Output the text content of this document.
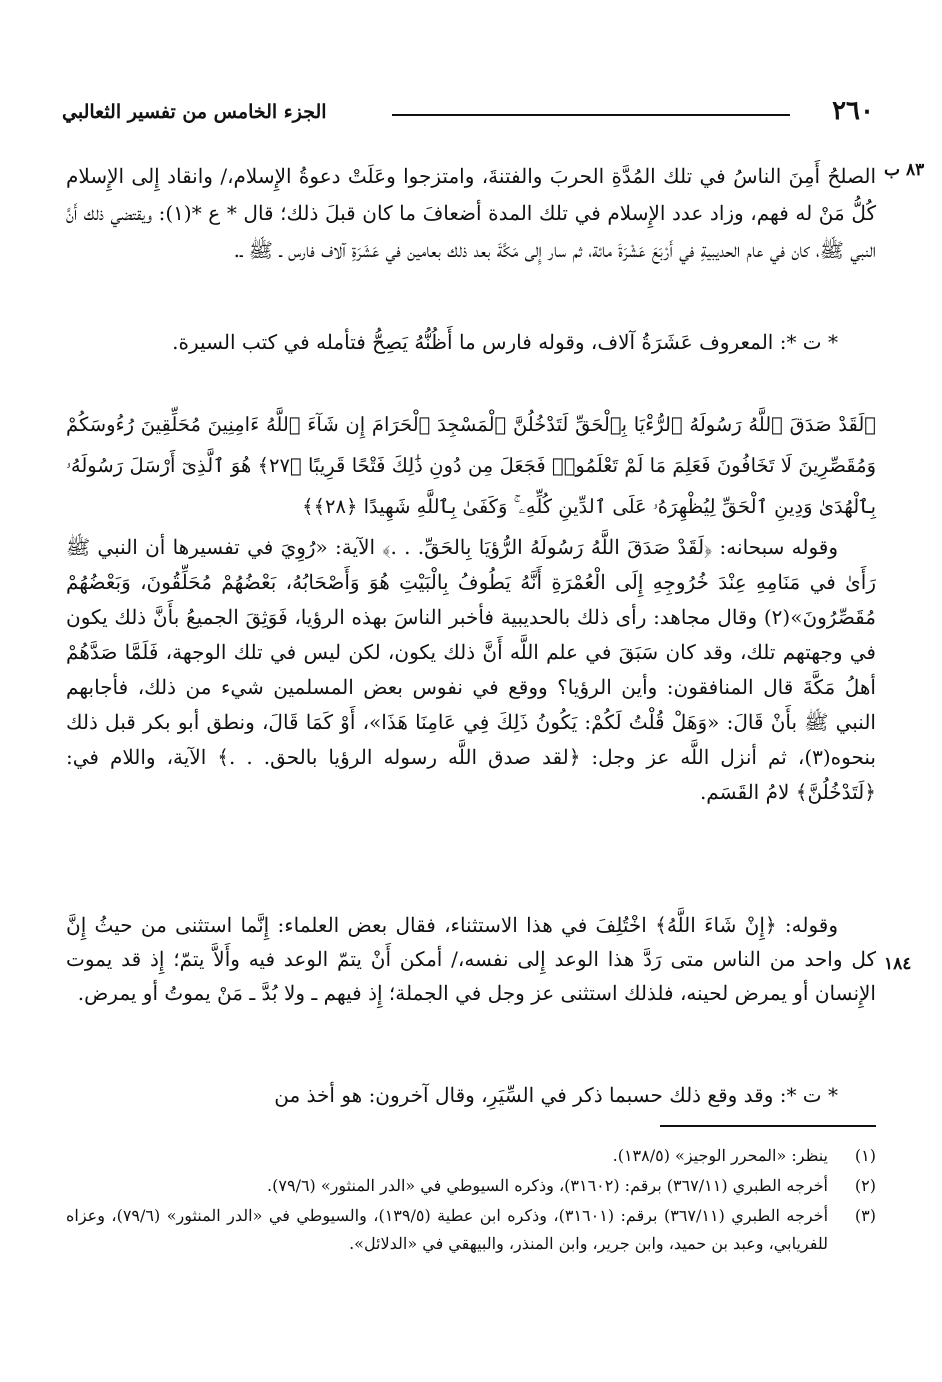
٢٦٠
الجزء الخامس من تفسير الثعالبي
٨٣ ب
١٨٤

الصلحُ أَمِنَ الناسُ في تلك المُدَّةِ الحربَ والفتنةَ، وامتزجوا وعَلَتْ دعوةُ الإِسلام،/ وانقاد إِلى الإِسلام كُلُّ مَنْ له فهم، وزاد عدد الإِسلام في تلك المدة أضعافَ ما كان قبلَ ذلك؛ قال * ع *(١): ويقتضي ذلك أَنَّ النبي ﷺ، كان في عام الحديبيةِ في أَرْبَعَ عَشْرَةَ مائة، ثم سار إِلى مَكَّةَ بعد ذلك بعامين في عَشَرَةِ آلاف فارس ـ ﷺ ـ.

* ت *: المعروف عَشَرَةُ آلاف، وقوله فارس ما أَظُنُّهُ يَصِحُّ فتأمله في كتب السيرة.

﴿لَقَدْ صَدَقَ ٱللَّهُ رَسُولَهُ ٱلرُّءْيَا بِٱلْحَقِّ لَتَدْخُلُنَّ ٱلْمَسْجِدَ ٱلْحَرَامَ إِن شَآءَ ٱللَّهُ ءَامِنِينَ مُحَلِّقِينَ رُءُوسَكُمْ وَمُقَصِّرِينَ لَا تَخَافُونَ فَعَلِمَ مَا لَمْ تَعْلَمُوا۟ فَجَعَلَ مِن دُونِ ذَٰلِكَ فَتْحًا قَرِيبًا ﴿٢٧﴾ هُوَ ٱلَّذِىٓ أَرْسَلَ رَسُولَهُۥ بِٱلْهُدَىٰ وَدِينِ ٱلْحَقِّ لِيُظْهِرَهُۥ عَلَى ٱلدِّينِ كُلِّهِۦ ۚ وَكَفَىٰ بِٱللَّهِ شَهِيدًا ﴿٢٨﴾﴾

وقوله سبحانه: ﴿لَقَدْ صَدَقَ اللَّهُ رَسُولَهُ الرُّؤيَا بِالحَقِّ. . .﴾ الآية: «رُوِيَ في تفسيرها أن النبي ﷺ رَأَىٰ في مَنَامِهِ عِنْدَ خُرُوجِهِ إِلَى الْعُمْرَةِ أَنَّهُ يَطُوفُ بِالْبَيْتِ هُوَ وَأَصْحَابُهُ، بَعْضُهُمْ مُحَلِّقُونَ، وَبَعْضُهُمْ مُقَصِّرُونَ»(٢) وقال مجاهد: رأى ذلك بالحديبية فأخبر الناسَ بهذه الرؤيا، فَوَثِقَ الجميعُ بأَنَّ ذلك يكون في وجهتهم تلك، وقد كان سَبَقَ في علم اللَّه أَنَّ ذلك يكون، لكن ليس في تلك الوجهة، فَلَمَّا صَدَّهُمْ أهلُ مَكَّةَ قال المنافقون: وأين الرؤيا؟ ووقع في نفوس بعض المسلمين شيء من ذلك، فأجابهم النبي ﷺ بأَنْ قَالَ: «وَهَلْ قُلْتُ لَكُمْ: يَكُونُ ذَلِكَ فِي عَامِنَا هَذَا»، أَوْ كَمَا قَالَ، ونطق أبو بكر قبل ذلك بنحوه(٣)، ثم أنزل اللَّه عز وجل: ﴿لقد صدق اللَّه رسوله الرؤيا بالحق. . .﴾ الآية، واللام في: ﴿لَتَدْخُلُنَّ﴾ لامُ القَسَم.

وقوله: ﴿إِنْ شَاءَ اللَّهُ﴾ اخْتُلِفَ في هذا الاستثناء، فقال بعض العلماء: إِنَّما استثنى من حيثُ إِنَّ كل واحد من الناس متى رَدَّ هذا الوعد إِلى نفسه،/ أمكن أَنْ يتمّ الوعد فيه وأَلاَّ يتمّ؛ إِذ قد يموت الإِنسان أو يمرض لحينه، فلذلك استثنى عز وجل في الجملة؛ إِذ فيهم ـ ولا بُدَّ ـ مَنْ يموتُ أو يمرض.

* ت *: وقد وقع ذلك حسبما ذكر في السِّيَرِ، وقال آخرون: هو أخذ من

(١)
ينظر: «المحرر الوجيز» (١٣٨/٥).
(٢)
أخرجه الطبري (٣٦٧/١١) برقم: (٣١٦٠٢)، وذكره السيوطي في «الدر المنثور» (٧٩/٦).
(٣)
أخرجه الطبري (٣٦٧/١١) برقم: (٣١٦٠١)، وذكره ابن عطية (١٣٩/٥)، والسيوطي في «الدر المنثور» (٧٩/٦)، وعزاه للفريابي، وعبد بن حميد، وابن جرير، وابن المنذر، والبيهقي في «الدلائل».
